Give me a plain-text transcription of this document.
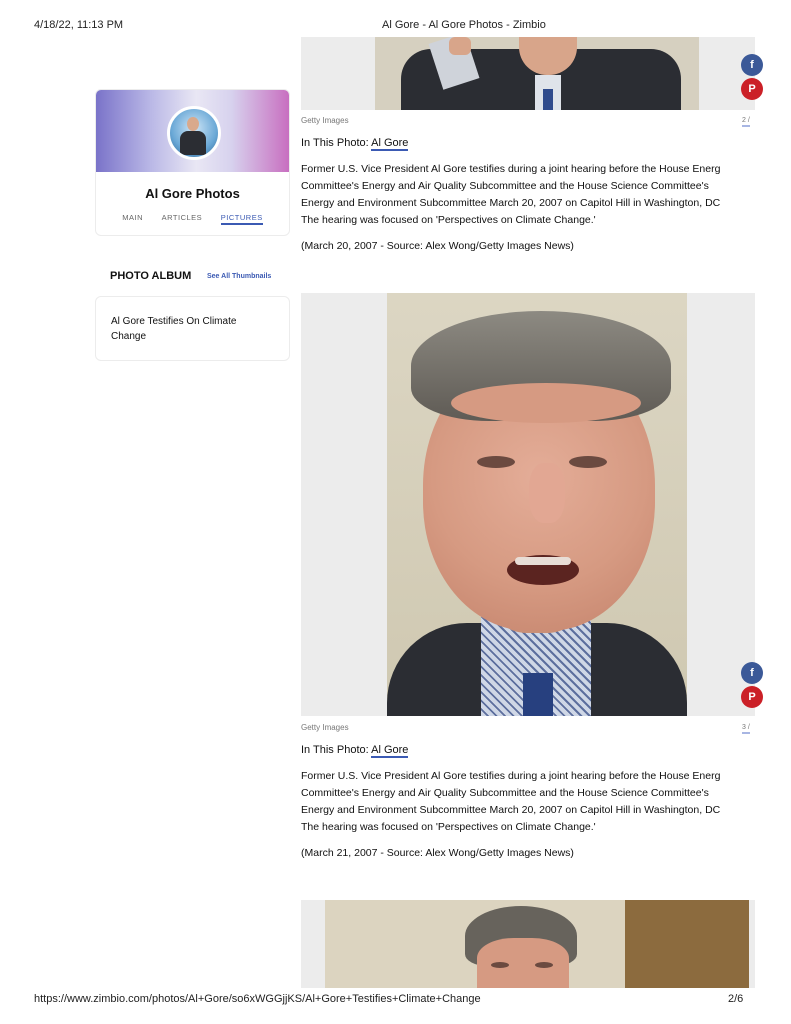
4/18/22, 11:13 PM	Al Gore - Al Gore Photos - Zimbio
https://www.zimbio.com/photos/Al+Gore/so6xWGGjjKS/Al+Gore+Testifies+Climate+Change	2/6
Al Gore Photos
MAIN ARTICLES PICTURES
PHOTO ALBUM See All Thumbnails
Al Gore Testifies On Climate Change
f
P
Getty Images	2 /
In This Photo: Al Gore
Former U.S. Vice President Al Gore testifies during a joint hearing before the House Energ
Committee's Energy and Air Quality Subcommittee and the House Science Committee's
Energy and Environment Subcommittee March 20, 2007 on Capitol Hill in Washington, DC
The hearing was focused on 'Perspectives on Climate Change.'
(March 20, 2007 - Source: Alex Wong/Getty Images News)
f
P
Getty Images	3 /
In This Photo: Al Gore
Former U.S. Vice President Al Gore testifies during a joint hearing before the House Energ
Committee's Energy and Air Quality Subcommittee and the House Science Committee's
Energy and Environment Subcommittee March 20, 2007 on Capitol Hill in Washington, DC
The hearing was focused on 'Perspectives on Climate Change.'
(March 21, 2007 - Source: Alex Wong/Getty Images News)
